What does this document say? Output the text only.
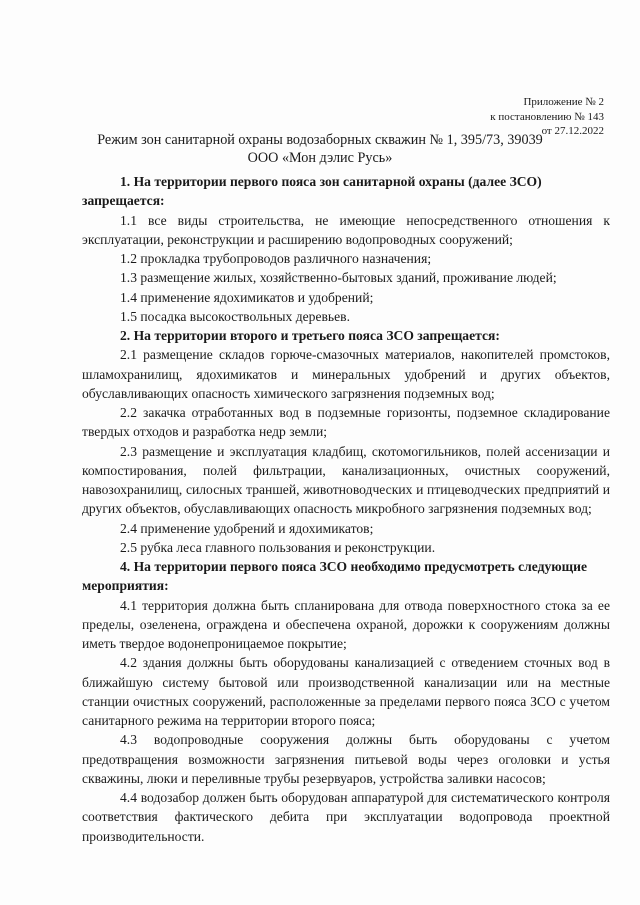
Приложение № 2
к постановлению № 143
от 27.12.2022
Режим зон санитарной охраны водозаборных скважин № 1, 395/73, 39039
ООО «Мон дэлис Русь»

1. На территории первого пояса зон санитарной охраны (далее ЗСО) запрещается:

1.1 все виды строительства, не имеющие непосредственного отношения к эксплуатации, реконструкции и расширению водопроводных сооружений;

1.2 прокладка трубопроводов различного назначения;

1.3 размещение жилых, хозяйственно-бытовых зданий, проживание людей;

1.4 применение ядохимикатов и удобрений;

1.5 посадка высокоствольных деревьев.

2. На территории второго и третьего пояса ЗСО запрещается:

2.1 размещение складов горюче-смазочных материалов, накопителей промстоков, шламохранилищ, ядохимикатов и минеральных удобрений и других объектов, обуславливающих опасность химического загрязнения подземных вод;

2.2 закачка отработанных вод в подземные горизонты, подземное складирование твердых отходов и разработка недр земли;

2.3 размещение и эксплуатация кладбищ, скотомогильников, полей ассенизации и компостирования, полей фильтрации, канализационных, очистных сооружений, навозохранилищ, силосных траншей, животноводческих и птицеводческих предприятий и других объектов, обуславливающих опасность микробного загрязнения подземных вод;

2.4 применение удобрений и ядохимикатов;

2.5 рубка леса главного пользования и реконструкции.

4. На территории первого пояса ЗСО необходимо предусмотреть следующие мероприятия:

4.1 территория должна быть спланирована для отвода поверхностного стока за ее пределы, озеленена, ограждена и обеспечена охраной, дорожки к сооружениям должны иметь твердое водонепроницаемое покрытие;

4.2 здания должны быть оборудованы канализацией с отведением сточных вод в ближайшую систему бытовой или производственной канализации или на местные станции очистных сооружений, расположенные за пределами первого пояса ЗСО с учетом санитарного режима на территории второго пояса;

4.3 водопроводные сооружения должны быть оборудованы с учетом предотвращения возможности загрязнения питьевой воды через оголовки и устья скважины, люки и переливные трубы резервуаров, устройства заливки насосов;

4.4 водозабор должен быть оборудован аппаратурой для систематического контроля соответствия фактического дебита при эксплуатации водопровода проектной производительности.
